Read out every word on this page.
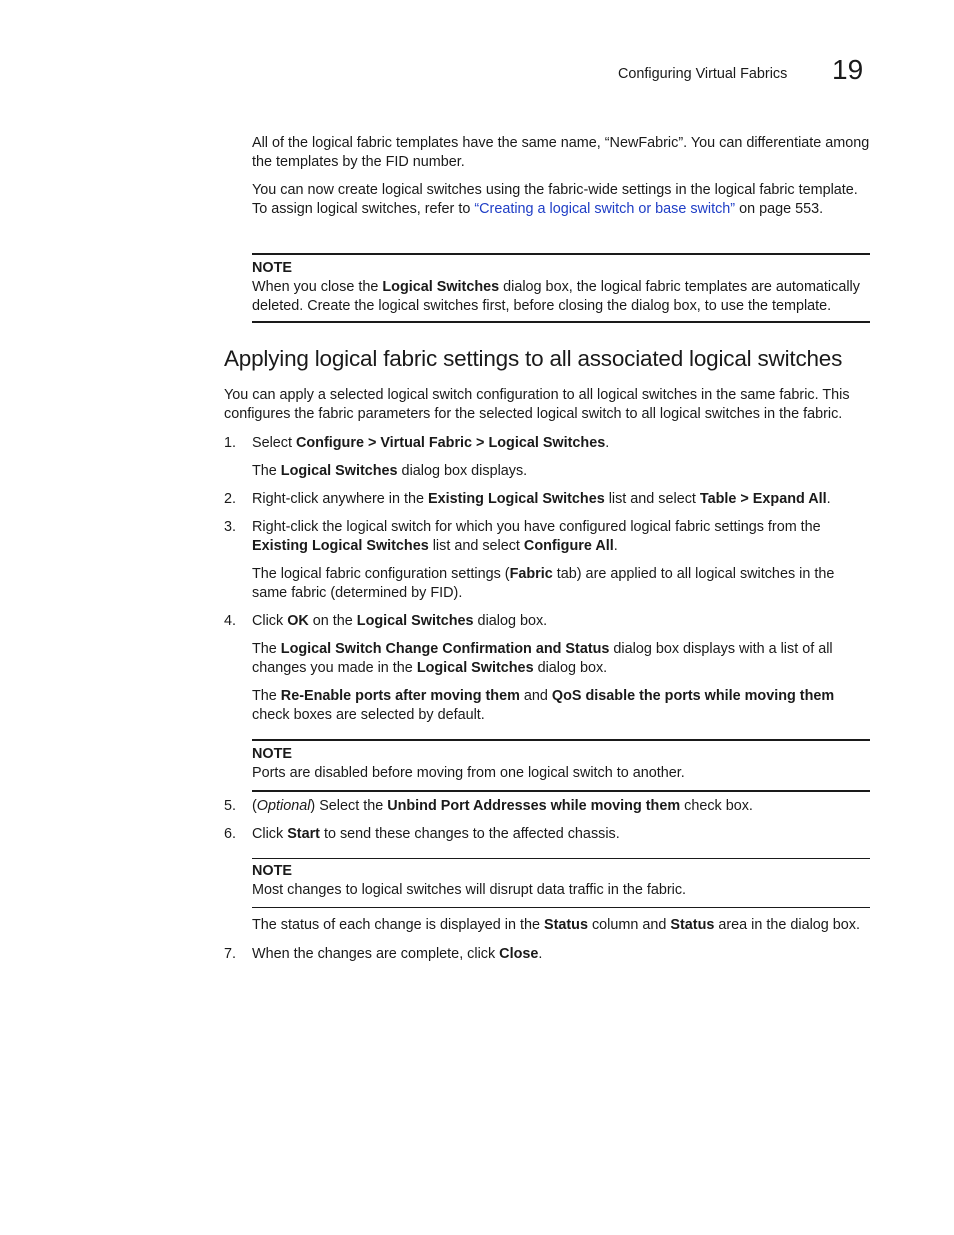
Configuring Virtual Fabrics 19
All of the logical fabric templates have the same name, “NewFabric”. You can differentiate among the templates by the FID number.
You can now create logical switches using the fabric-wide settings in the logical fabric template. To assign logical switches, refer to “Creating a logical switch or base switch” on page 553.
NOTE
When you close the Logical Switches dialog box, the logical fabric templates are automatically deleted. Create the logical switches first, before closing the dialog box, to use the template.
Applying logical fabric settings to all associated logical switches
You can apply a selected logical switch configuration to all logical switches in the same fabric. This configures the fabric parameters for the selected logical switch to all logical switches in the fabric.
1. Select Configure > Virtual Fabric > Logical Switches.
The Logical Switches dialog box displays.
2. Right-click anywhere in the Existing Logical Switches list and select Table > Expand All.
3. Right-click the logical switch for which you have configured logical fabric settings from the Existing Logical Switches list and select Configure All.
The logical fabric configuration settings (Fabric tab) are applied to all logical switches in the same fabric (determined by FID).
4. Click OK on the Logical Switches dialog box.
The Logical Switch Change Confirmation and Status dialog box displays with a list of all changes you made in the Logical Switches dialog box.
The Re-Enable ports after moving them and QoS disable the ports while moving them check boxes are selected by default.
NOTE
Ports are disabled before moving from one logical switch to another.
5. (Optional) Select the Unbind Port Addresses while moving them check box.
6. Click Start to send these changes to the affected chassis.
NOTE
Most changes to logical switches will disrupt data traffic in the fabric.
The status of each change is displayed in the Status column and Status area in the dialog box.
7. When the changes are complete, click Close.
